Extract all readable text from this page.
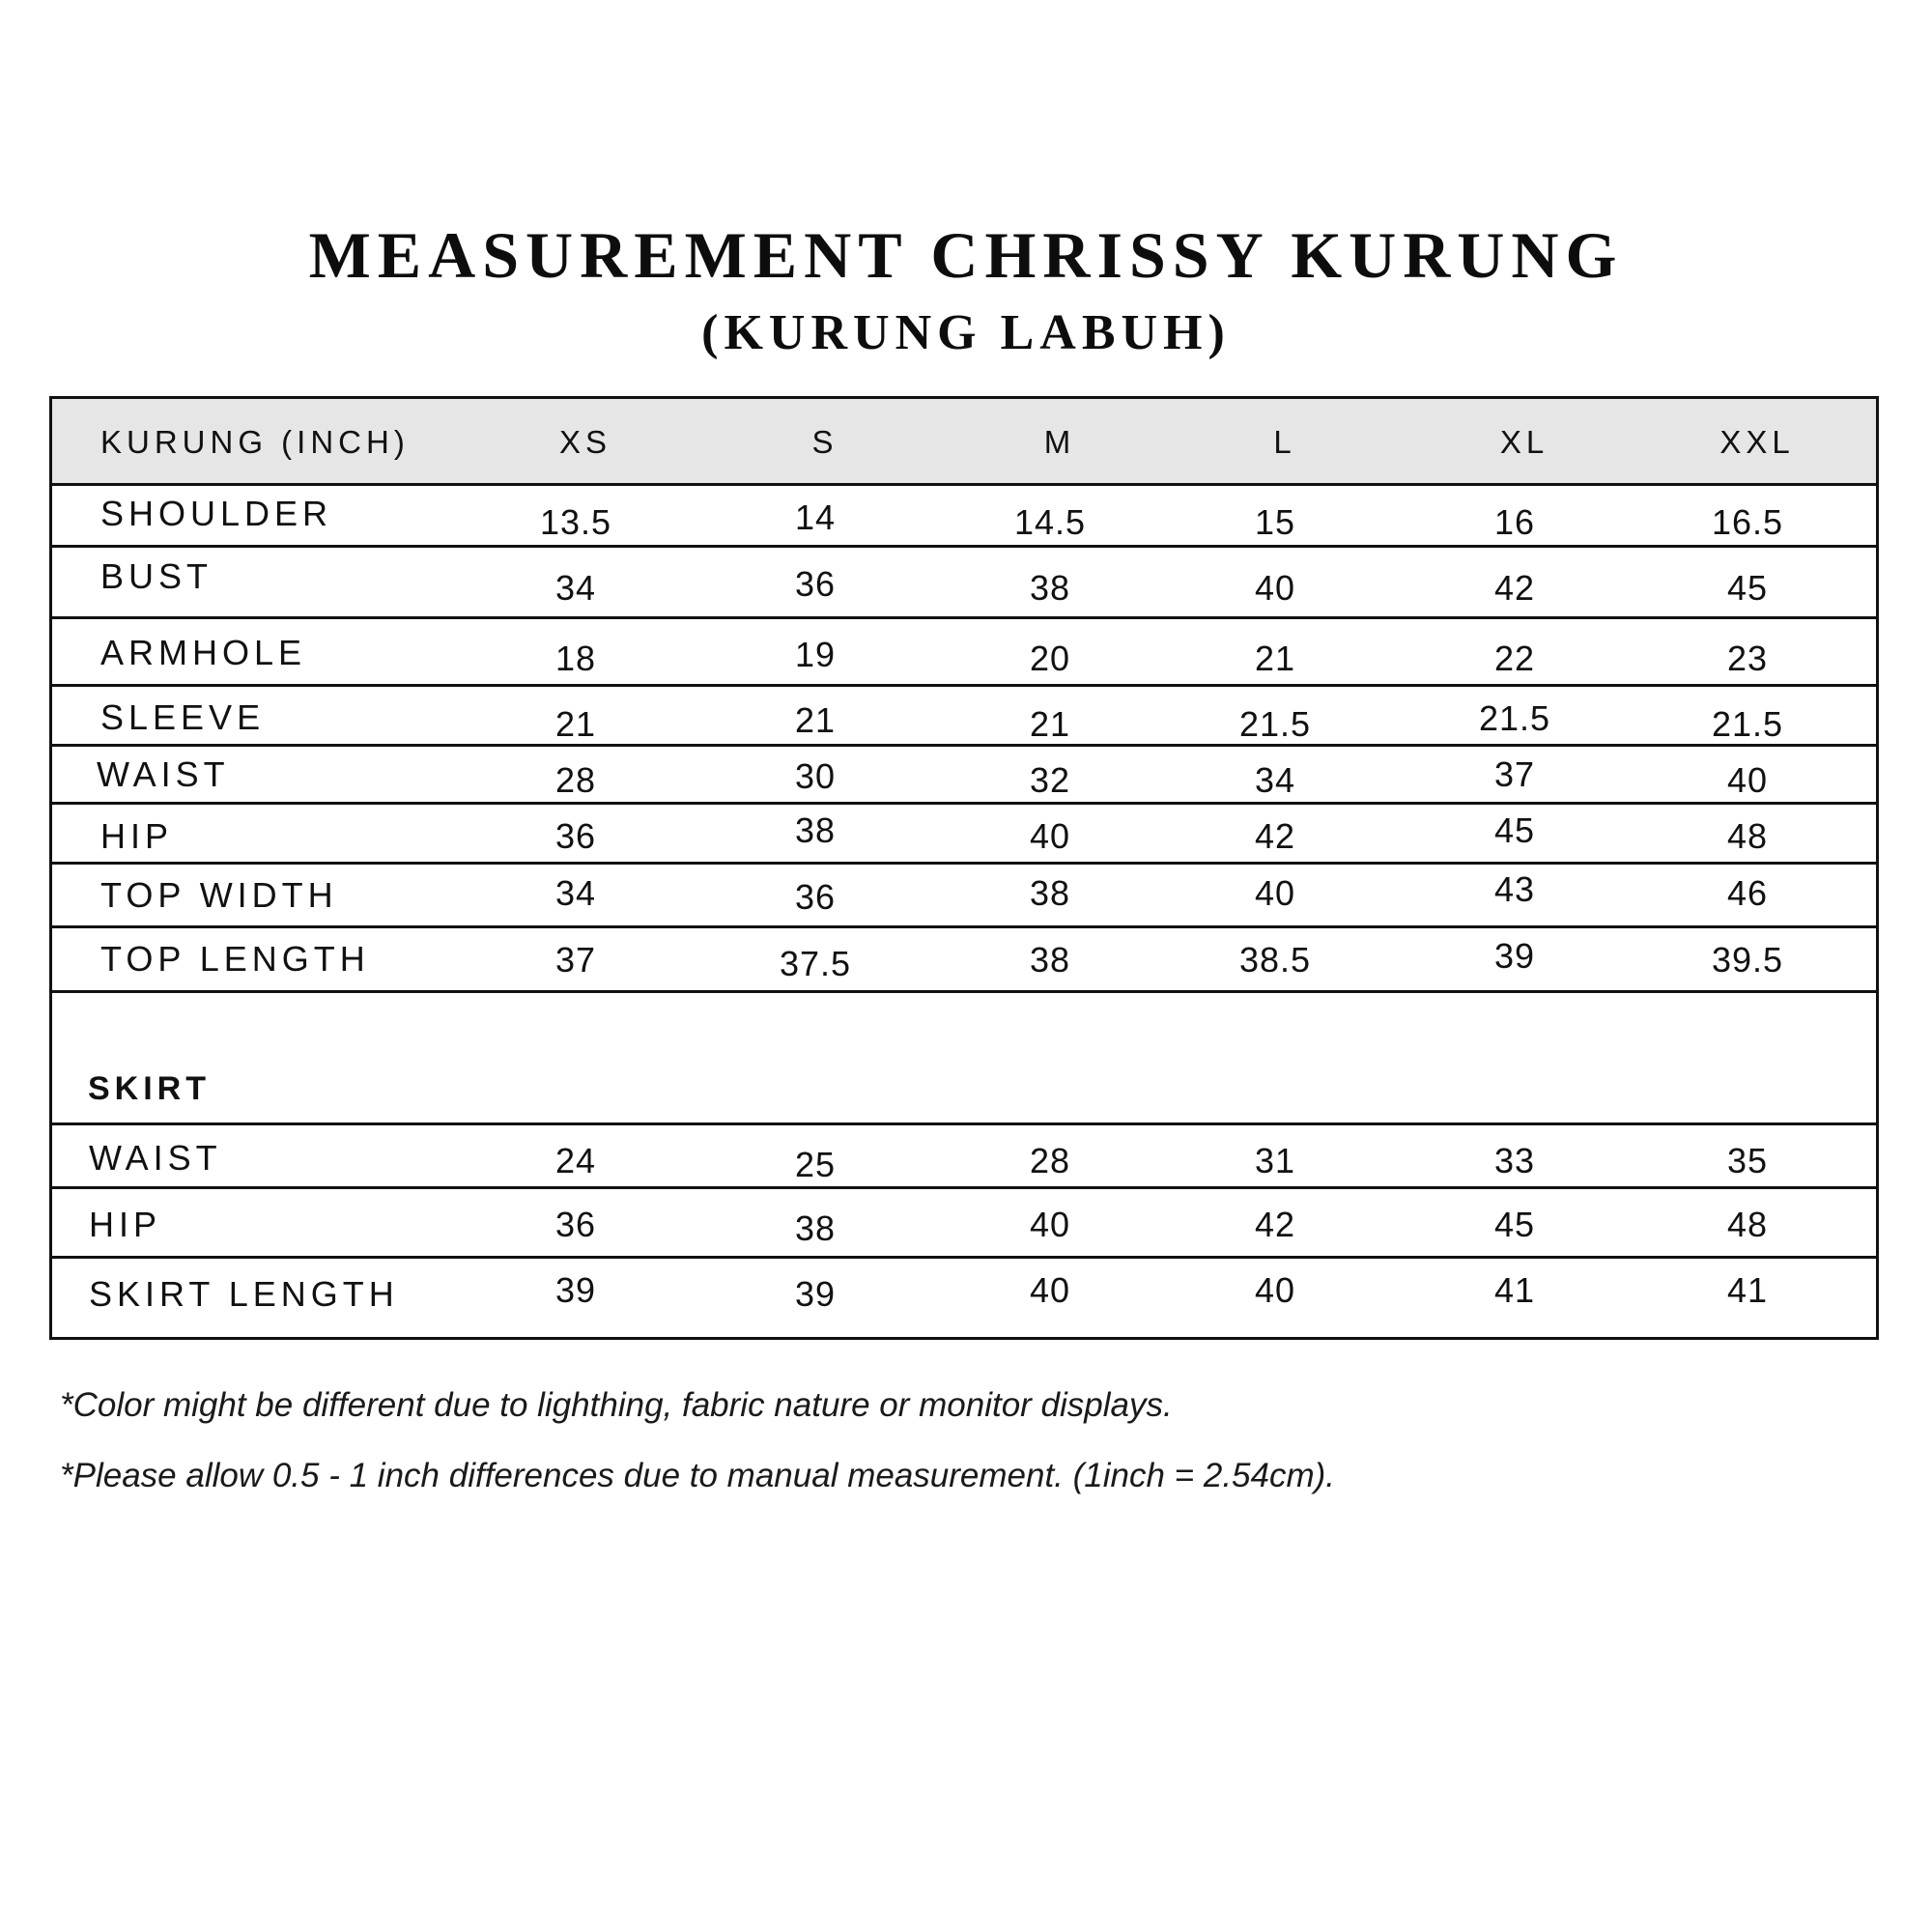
MEASUREMENT CHRISSY KURUNG
(KURUNG LABUH)
KURUNG (INCH)	XS	S	M	L	XL	XXL
SHOULDER	13.5	14	14.5	15	16	16.5
BUST	34	36	38	40	42	45
ARMHOLE	18	19	20	21	22	23
SLEEVE	21	21	21	21.5	21.5	21.5
WAIST	28	30	32	34	37	40
HIP	36	38	40	42	45	48
TOP WIDTH	34	36	38	40	43	46
TOP LENGTH	37	37.5	38	38.5	39	39.5
SKIRT
WAIST	24	25	28	31	33	35
HIP	36	38	40	42	45	48
SKIRT LENGTH	39	39	40	40	41	41
*Color might be different due to lighthing, fabric nature or monitor displays.
*Please allow 0.5 - 1 inch differences due to manual measurement. (1inch = 2.54cm).
